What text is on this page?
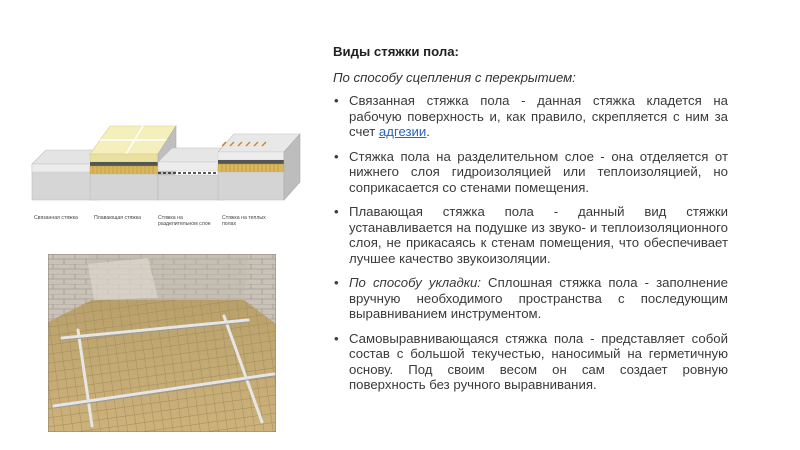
Связанная стяжка	Плавающая стяжка	Стяжка на разделительном слое
Стяжка на теплых полах
Виды стяжки пола:
По способу сцепления с перекрытием:
• Связанная стяжка пола - данная стяжка кладется на рабочую поверхность и, как правило, скрепляется с ним за счет адгезии.
• Стяжка пола на разделительном слое - она отделяется от нижнего слоя гидроизоляцией или теплоизоляцией, но соприкасается со стенами помещения.
• Плавающая стяжка пола - данный вид стяжки устанавливается на подушке из звуко- и теплоизоляционного слоя, не прикасаясь к стенам помещения, что обеспечивает лучшее качество звукоизоляции.
• По способу укладки: Сплошная стяжка пола - заполнение вручную необходимого пространства с последующим выравниванием инструментом.
• Самовыравнивающаяся стяжка пола - представляет собой состав с большой текучестью, наносимый на герметичную основу. Под своим весом он сам создает ровную поверхность без ручного выравнивания.
